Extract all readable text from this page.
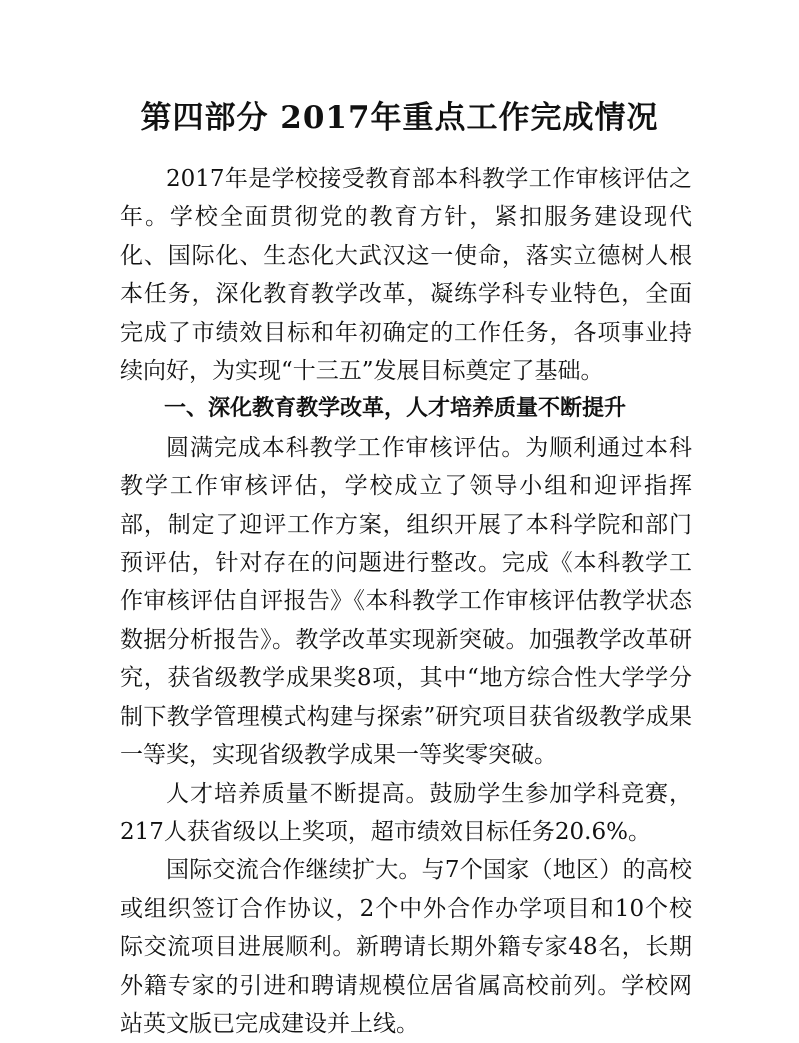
第四部分 2017年重点工作完成情况

2017年是学校接受教育部本科教学工作审核评估之年。学校全面贯彻党的教育方针，紧扣服务建设现代化、国际化、生态化大武汉这一使命，落实立德树人根本任务，深化教育教学改革，凝练学科专业特色，全面完成了市绩效目标和年初确定的工作任务，各项事业持续向好，为实现“十三五”发展目标奠定了基础。

一、深化教育教学改革，人才培养质量不断提升

圆满完成本科教学工作审核评估。为顺利通过本科教学工作审核评估，学校成立了领导小组和迎评指挥部，制定了迎评工作方案，组织开展了本科学院和部门预评估，针对存在的问题进行整改。完成《本科教学工作审核评估自评报告》《本科教学工作审核评估教学状态数据分析报告》。教学改革实现新突破。加强教学改革研究，获省级教学成果奖8项，其中“地方综合性大学学分制下教学管理模式构建与探索”研究项目获省级教学成果一等奖，实现省级教学成果一等奖零突破。

人才培养质量不断提高。鼓励学生参加学科竞赛，217人获省级以上奖项，超市绩效目标任务20.6%。

国际交流合作继续扩大。与7个国家（地区）的高校或组织签订合作协议，2个中外合作办学项目和10个校际交流项目进展顺利。新聘请长期外籍专家48名，长期外籍专家的引进和聘请规模位居省属高校前列。学校网站英文版已完成建设并上线。
